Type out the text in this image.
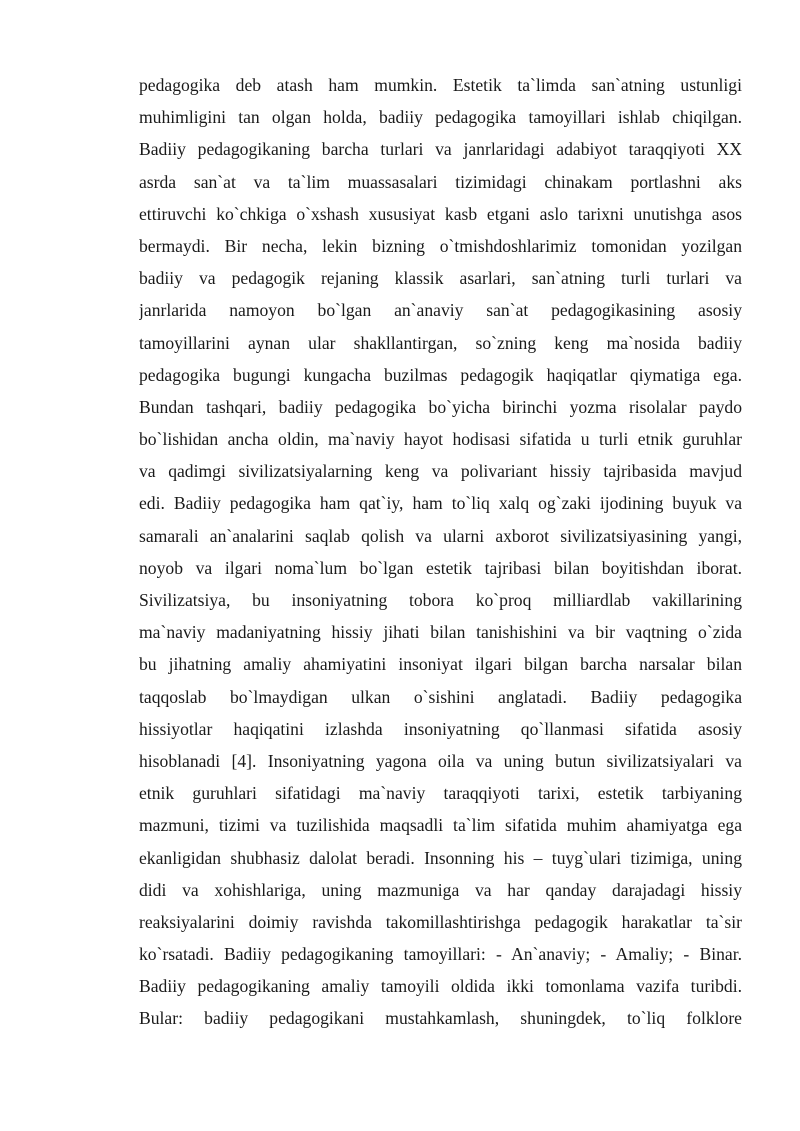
pedagogika deb atash ham mumkin. Estetik ta`limda san`atning ustunligi
muhimligini tan olgan holda, badiiy pedagogika tamoyillari ishlab chiqilgan.
Badiiy pedagogikaning barcha turlari va janrlaridagi adabiyot taraqqiyoti XX
asrda san`at va ta`lim muassasalari tizimidagi chinakam portlashni aks
ettiruvchi ko`chkiga o`xshash xususiyat kasb etgani aslo tarixni unutishga asos
bermaydi. Bir necha, lekin bizning o`tmishdoshlarimiz tomonidan yozilgan
badiiy va pedagogik rejaning klassik asarlari, san`atning turli turlari va
janrlarida namoyon bo`lgan an`anaviy san`at pedagogikasining asosiy
tamoyillarini aynan ular shakllantirgan, so`zning keng ma`nosida badiiy
pedagogika bugungi kungacha buzilmas pedagogik haqiqatlar qiymatiga ega.
Bundan tashqari, badiiy pedagogika bo`yicha birinchi yozma risolalar paydo
bo`lishidan ancha oldin, ma`naviy hayot hodisasi sifatida u turli etnik guruhlar
va qadimgi sivilizatsiyalarning keng va polivariant hissiy tajribasida mavjud
edi. Badiiy pedagogika ham qat`iy, ham to`liq xalq og`zaki ijodining buyuk va
samarali an`analarini saqlab qolish va ularni axborot sivilizatsiyasining yangi,
noyob va ilgari noma`lum bo`lgan estetik tajribasi bilan boyitishdan iborat.
Sivilizatsiya, bu insoniyatning tobora ko`proq milliardlab vakillarining
ma`naviy madaniyatning hissiy jihati bilan tanishishini va bir vaqtning o`zida
bu jihatning amaliy ahamiyatini insoniyat ilgari bilgan barcha narsalar bilan
taqqoslab bo`lmaydigan ulkan o`sishini anglatadi. Badiiy pedagogika
hissiyotlar haqiqatini izlashda insoniyatning qo`llanmasi sifatida asosiy
hisoblanadi [4]. Insoniyatning yagona oila va uning butun sivilizatsiyalari va
etnik guruhlari sifatidagi ma`naviy taraqqiyoti tarixi, estetik tarbiyaning
mazmuni, tizimi va tuzilishida maqsadli ta`lim sifatida muhim ahamiyatga ega
ekanligidan shubhasiz dalolat beradi. Insonning his – tuyg`ulari tizimiga, uning
didi va xohishlariga, uning mazmuniga va har qanday darajadagi hissiy
reaksiyalarini doimiy ravishda takomillashtirishga pedagogik harakatlar ta`sir
ko`rsatadi. Badiiy pedagogikaning tamoyillari: - An`anaviy; - Amaliy; - Binar.
Badiiy pedagogikaning amaliy tamoyili oldida ikki tomonlama vazifa turibdi.
Bular: badiiy pedagogikani mustahkamlash, shuningdek, to`liq folklore
